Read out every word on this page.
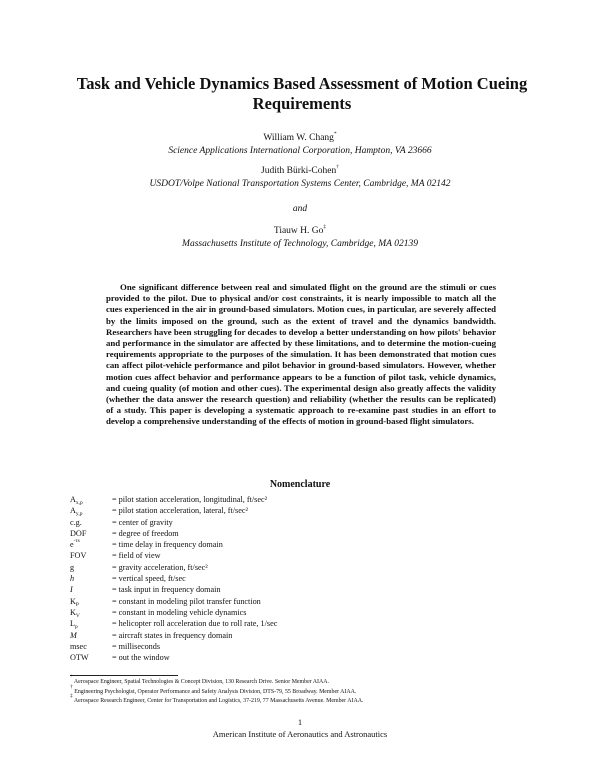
Task and Vehicle Dynamics Based Assessment of Motion Cueing Requirements
William W. Chang*
Science Applications International Corporation, Hampton, VA 23666
Judith Bürki-Cohen†
USDOT/Volpe National Transportation Systems Center, Cambridge, MA 02142
and
Tiauw H. Go‡
Massachusetts Institute of Technology, Cambridge, MA 02139

One significant difference between real and simulated flight on the ground are the stimuli or cues provided to the pilot. Due to physical and/or cost constraints, it is nearly impossible to match all the cues experienced in the air in ground-based simulators. Motion cues, in particular, are severely affected by the limits imposed on the ground, such as the extent of travel and the dynamics bandwidth. Researchers have been struggling for decades to develop a better understanding on how pilots' behavior and performance in the simulator are affected by these limitations, and to determine the motion-cueing requirements appropriate to the purposes of the simulation. It has been demonstrated that motion cues can affect pilot-vehicle performance and pilot behavior in ground-based simulators. However, whether motion cues affect behavior and performance appears to be a function of pilot task, vehicle dynamics, and cueing quality (of motion and other cues). The experimental design also greatly affects the validity (whether the data answer the research question) and reliability (whether the results can be replicated) of a study. This paper is developing a systematic approach to re-examine past studies in an effort to develop a comprehensive understanding of the effects of motion in ground-based flight simulators.

Nomenclature
$A_{x,p}$	= pilot station acceleration, longitudinal, ft/sec²
$A_{y,p}$	= pilot station acceleration, lateral, ft/sec²
c.g.	= center of gravity
DOF	= degree of freedom
$e^{-\tau s}$	= time delay in frequency domain
FOV	= field of view
g	= gravity acceleration, ft/sec²
h	= vertical speed, ft/sec
I	= task input in frequency domain
$K_P$	= constant in modeling pilot transfer function
$K_V$	= constant in modeling vehicle dynamics
$L_p$	= helicopter roll acceleration due to roll rate, 1/sec
M	= aircraft states in frequency domain
msec	= milliseconds
OTW	= out the window
* Aerospace Engineer, Spatial Technologies & Concept Division, 130 Research Drive. Senior Member AIAA.
† Engineering Psychologist, Operator Performance and Safety Analysis Division, DTS-79, 55 Broadway. Member AIAA.
‡ Aerospace Research Engineer, Center for Transportation and Logistics, 37-219, 77 Massachusetts Avenue. Member AIAA.
1
American Institute of Aeronautics and Astronautics
